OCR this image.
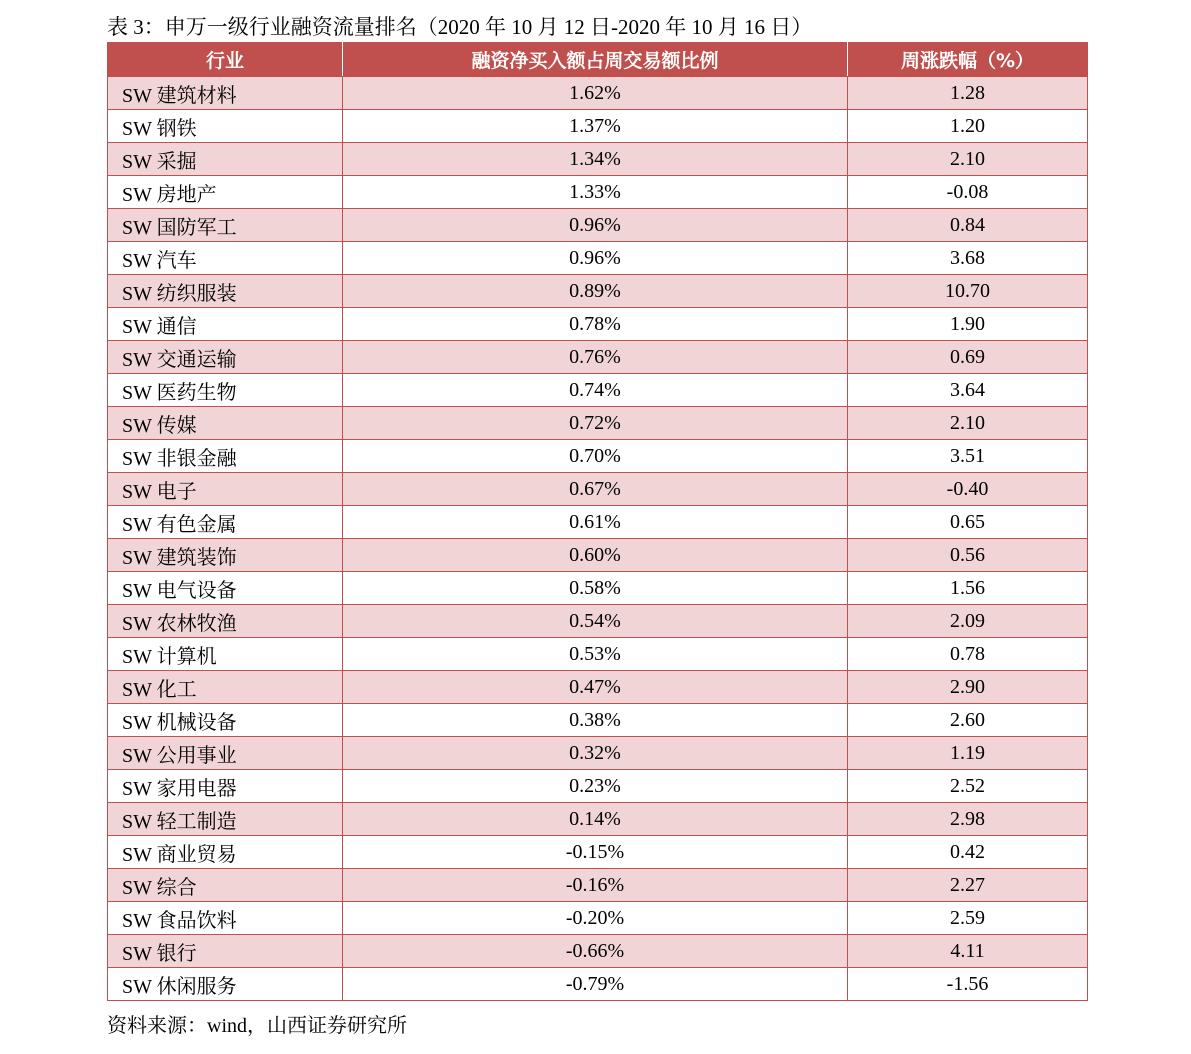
表 3：申万一级行业融资流量排名（2020 年 10 月 12 日-2020 年 10 月 16 日）
行业	融资净买入额占周交易额比例	周涨跌幅（%）
SW 建筑材料	1.62%	1.28
SW 钢铁	1.37%	1.20
SW 采掘	1.34%	2.10
SW 房地产	1.33%	-0.08
SW 国防军工	0.96%	0.84
SW 汽车	0.96%	3.68
SW 纺织服装	0.89%	10.70
SW 通信	0.78%	1.90
SW 交通运输	0.76%	0.69
SW 医药生物	0.74%	3.64
SW 传媒	0.72%	2.10
SW 非银金融	0.70%	3.51
SW 电子	0.67%	-0.40
SW 有色金属	0.61%	0.65
SW 建筑装饰	0.60%	0.56
SW 电气设备	0.58%	1.56
SW 农林牧渔	0.54%	2.09
SW 计算机	0.53%	0.78
SW 化工	0.47%	2.90
SW 机械设备	0.38%	2.60
SW 公用事业	0.32%	1.19
SW 家用电器	0.23%	2.52
SW 轻工制造	0.14%	2.98
SW 商业贸易	-0.15%	0.42
SW 综合	-0.16%	2.27
SW 食品饮料	-0.20%	2.59
SW 银行	-0.66%	4.11
SW 休闲服务	-0.79%	-1.56
资料来源：wind，山西证券研究所
